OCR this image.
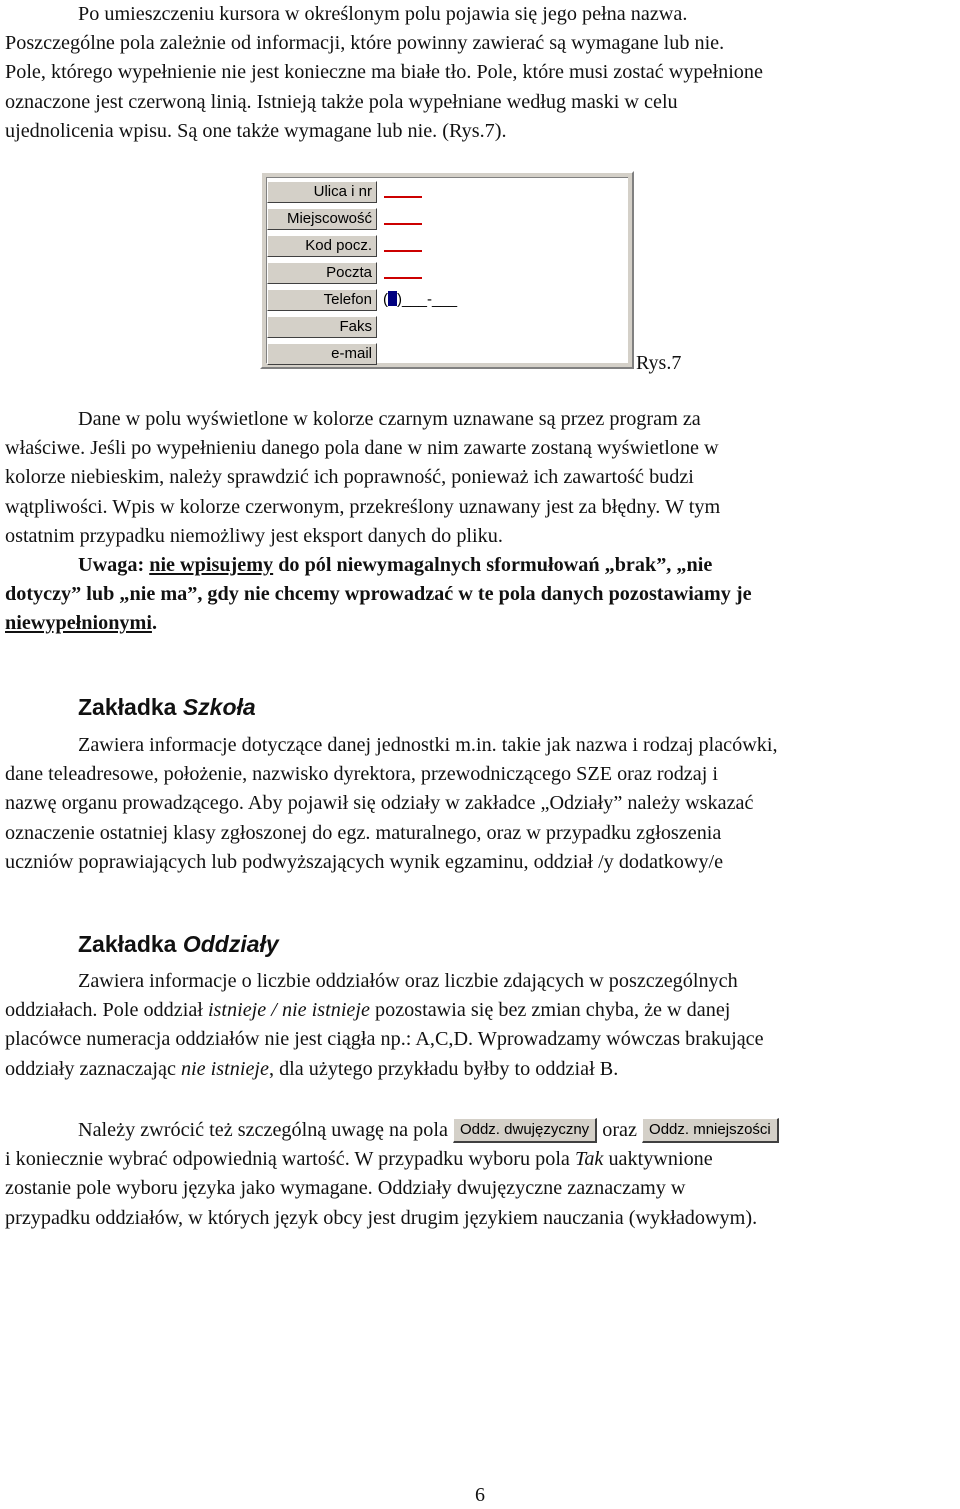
Po umieszczeniu kursora w określonym polu pojawia się jego pełna nazwa.
Poszczególne pola zależnie od informacji, które powinny zawierać są wymagane lub nie.
Pole, którego wypełnienie nie jest konieczne ma białe tło. Pole, które musi zostać wypełnione
oznaczone jest czerwoną linią. Istnieją także pola wypełniane według maski w celu
ujednolicenia wpisu. Są one także wymagane lub nie. (Rys.7).
Ulica i nr
Miejscowość
Kod pocz.
Poczta
Telefon ( )___-___
Faks
e-mail	Rys.7
Dane w polu wyświetlone w kolorze czarnym uznawane są przez program za
właściwe. Jeśli po wypełnieniu danego pola dane w nim zawarte zostaną wyświetlone w
kolorze niebieskim, należy sprawdzić ich poprawność, ponieważ ich zawartość budzi
wątpliwości. Wpis w kolorze czerwonym, przekreślony uznawany jest za błędny. W tym
ostatnim przypadku niemożliwy jest eksport danych do pliku.
Uwaga: nie wpisujemy do pól niewymagalnych sformułowań „brak”, „nie
dotyczy” lub „nie ma”, gdy nie chcemy wprowadzać w te pola danych pozostawiamy je
niewypełnionymi.
Zakładka Szkoła
Zawiera informacje dotyczące danej jednostki m.in. takie jak nazwa i rodzaj placówki,
dane teleadresowe, położenie, nazwisko dyrektora, przewodniczącego SZE oraz rodzaj i
nazwę organu prowadzącego. Aby pojawił się odziały w zakładce „Odziały” należy wskazać
oznaczenie ostatniej klasy zgłoszonej do egz. maturalnego, oraz w przypadku zgłoszenia
uczniów poprawiających lub podwyższających wynik egzaminu, oddział /y dodatkowy/e
Zakładka Oddziały
Zawiera informacje o liczbie oddziałów oraz liczbie zdających w poszczególnych
oddziałach. Pole oddział istnieje / nie istnieje pozostawia się bez zmian chyba, że w danej
placówce numeracja oddziałów nie jest ciągła np.: A,C,D. Wprowadzamy wówczas brakujące
oddziały zaznaczając nie istnieje, dla użytego przykładu byłby to oddział B.
Należy zwrócić też szczególną uwagę na pola Oddz. dwujęzyczny oraz Oddz. mniejszości
i koniecznie wybrać odpowiednią wartość. W przypadku wyboru pola Tak uaktywnione
zostanie pole wyboru języka jako wymagane. Oddziały dwujęzyczne zaznaczamy w
przypadku oddziałów, w których język obcy jest drugim językiem nauczania (wykładowym).
6
